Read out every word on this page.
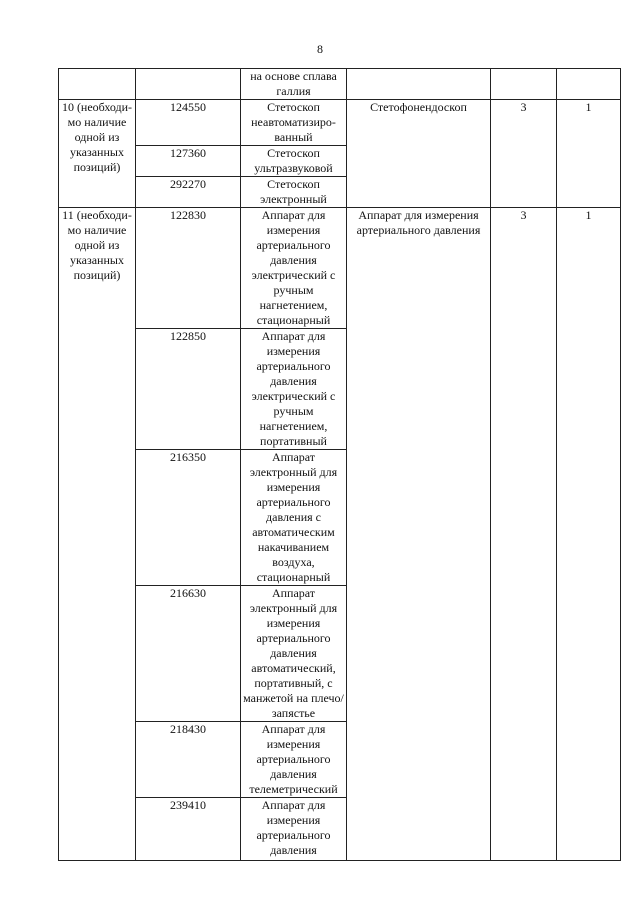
8
		на основе сплава галлия			
10 (необходи-мо наличие одной из указанных позиций)	124550	Стетоскоп неавтоматизиро-ванный	Стетофонендоскоп	3	1
	127360	Стетоскоп ультразвуковой			
	292270	Стетоскоп электронный			
11 (необходи-мо наличие одной из указанных позиций)	122830	Аппарат для измерения артериального давления электрический с ручным нагнетением, стационарный	Аппарат для измерения артериального давления	3	1
	122850	Аппарат для измерения артериального давления электрический с ручным нагнетением, портативный			
	216350	Аппарат электронный для измерения артериального давления с автоматическим накачиванием воздуха, стационарный			
	216630	Аппарат электронный для измерения артериального давления автоматический, портативный, с манжетой на плечо/запястье			
	218430	Аппарат для измерения артериального давления телеметрический			
	239410	Аппарат для измерения артериального давления			
